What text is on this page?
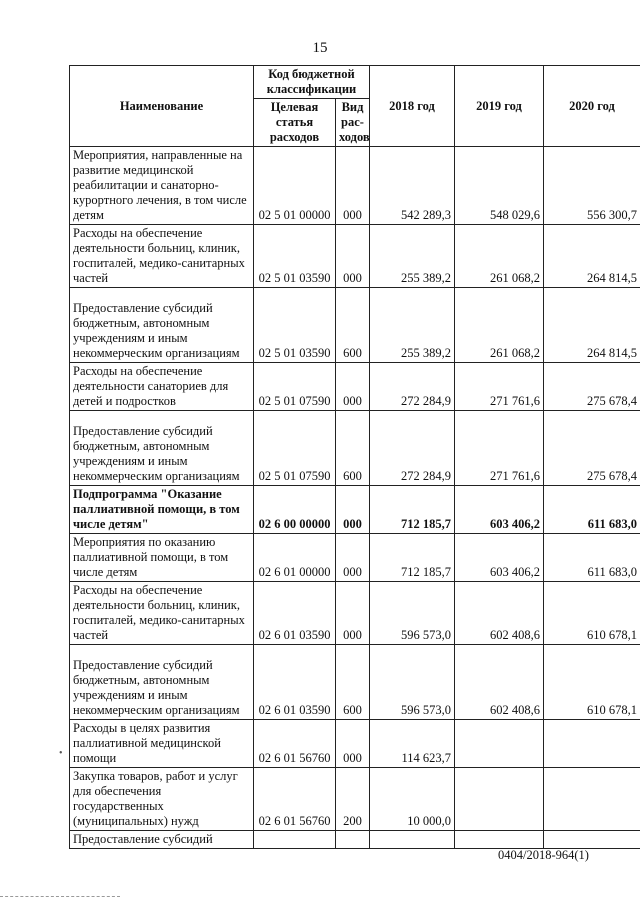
15
Наименование	Код бюджетной классификации		2018 год	2019 год	2020 год
	Целевая статья расходов	Вид рас-ходов			
Мероприятия, направленные на развитие медицинской реабилитации и санаторно-курортного лечения, в том числе детям	02 5 01 00000	000	542 289,3	548 029,6	556 300,7
Расходы на обеспечение деятельности больниц, клиник, госпиталей, медико-санитарных частей	02 5 01 03590	000	255 389,2	261 068,2	264 814,5
Предоставление субсидий бюджетным, автономным учреждениям и иным некоммерческим организациям	02 5 01 03590	600	255 389,2	261 068,2	264 814,5
Расходы на обеспечение деятельности санаториев для детей и подростков	02 5 01 07590	000	272 284,9	271 761,6	275 678,4
Предоставление субсидий бюджетным, автономным учреждениям и иным некоммерческим организациям	02 5 01 07590	600	272 284,9	271 761,6	275 678,4
Подпрограмма "Оказание паллиативной помощи, в том числе детям"	02 6 00 00000	000	712 185,7	603 406,2	611 683,0
Мероприятия по оказанию паллиативной помощи, в том числе детям	02 6 01 00000	000	712 185,7	603 406,2	611 683,0
Расходы на обеспечение деятельности больниц, клиник, госпиталей, медико-санитарных частей	02 6 01 03590	000	596 573,0	602 408,6	610 678,1
Предоставление субсидий бюджетным, автономным учреждениям и иным некоммерческим организациям	02 6 01 03590	600	596 573,0	602 408,6	610 678,1
Расходы в целях развития паллиативной медицинской помощи	02 6 01 56760	000	114 623,7		
Закупка товаров, работ и услуг для обеспечения государственных (муниципальных) нужд	02 6 01 56760	200	10 000,0		
Предоставление субсидий					
•
0404/2018-964(1)
